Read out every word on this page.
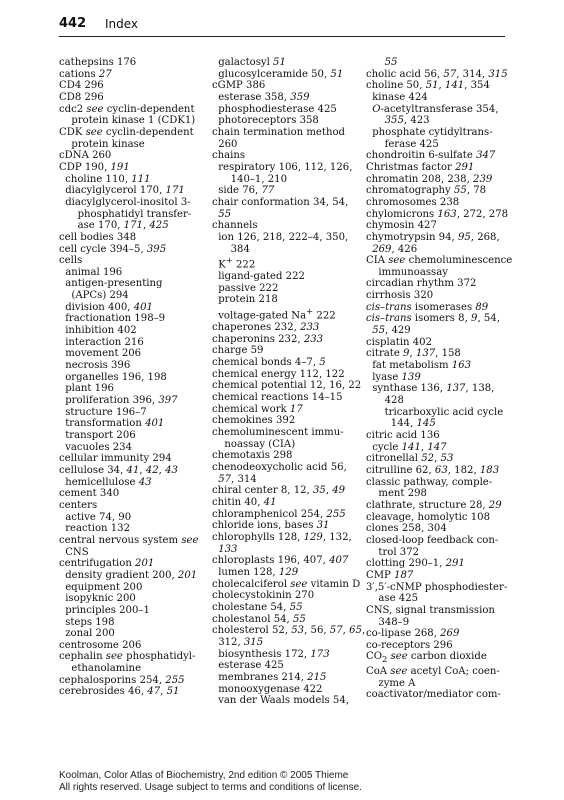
442 Index
cathepsins 176
cations 27
CD4 296
CD8 296
cdc2 see cyclin-dependent
protein kinase 1 (CDK1)
CDK see cyclin-dependent
protein kinase
cDNA 260
CDP 190, 191
choline 110, 111
diacylglycerol 170, 171
diacylglycerol-inositol 3-
phosphatidyl transfer-
ase 170, 171, 425
cell bodies 348
cell cycle 394–5, 395
cells
animal 196
antigen-presenting
(APCs) 294
division 400, 401
fractionation 198–9
inhibition 402
interaction 216
movement 206
necrosis 396
organelles 196, 198
plant 196
proliferation 396, 397
structure 196–7
transformation 401
transport 206
vacuoles 234
cellular immunity 294
cellulose 34, 41, 42, 43
hemicellulose 43
cement 340
centers
active 74, 90
reaction 132
central nervous system see
CNS
centrifugation 201
density gradient 200, 201
equipment 200
isopyknic 200
principles 200–1
steps 198
zonal 200
centrosome 206
cephalin see phosphatidyl-
ethanolamine
cephalosporins 254, 255
cerebrosides 46, 47, 51
galactosyl 51
glucosylceramide 50, 51
cGMP 386
esterase 358, 359
phosphodiesterase 425
photoreceptors 358
chain termination method
260
chains
respiratory 106, 112, 126,
140–1, 210
side 76, 77
chair conformation 34, 54,
55
channels
ion 126, 218, 222–4, 350,
384
K+ 222
ligand-gated 222
passive 222
protein 218
voltage-gated Na+ 222
chaperones 232, 233
chaperonins 232, 233
charge 59
chemical bonds 4–7, 5
chemical energy 112, 122
chemical potential 12, 16, 22
chemical reactions 14–15
chemical work 17
chemokines 392
chemoluminescent immu-
noassay (CIA)
chemotaxis 298
chenodeoxycholic acid 56,
57, 314
chiral center 8, 12, 35, 49
chitin 40, 41
chloramphenicol 254, 255
chloride ions, bases 31
chlorophylls 128, 129, 132,
133
chloroplasts 196, 407, 407
lumen 128, 129
cholecalciferol see vitamin D
cholecystokinin 270
cholestane 54, 55
cholestanol 54, 55
cholesterol 52, 53, 56, 57, 65,
312, 315
biosynthesis 172, 173
esterase 425
membranes 214, 215
monooxygenase 422
van der Waals models 54,
55
cholic acid 56, 57, 314, 315
choline 50, 51, 141, 354
kinase 424
O-acetyltransferase 354,
355, 423
phosphate cytidyltrans-
ferase 425
chondroitin 6-sulfate 347
Christmas factor 291
chromatin 208, 238, 239
chromatography 55, 78
chromosomes 238
chylomicrons 163, 272, 278
chymosin 427
chymotrypsin 94, 95, 268,
269, 426
CIA see chemoluminescence
immunoassay
circadian rhythm 372
cirrhosis 320
cis–trans isomerases 89
cis–trans isomers 8, 9, 54,
55, 429
cisplatin 402
citrate 9, 137, 158
fat metabolism 163
lyase 139
synthase 136, 137, 138,
428
tricarboxylic acid cycle
144, 145
citric acid 136
cycle 141, 147
citronellal 52, 53
citrulline 62, 63, 182, 183
classic pathway, comple-
ment 298
clathrate, structure 28, 29
cleavage, homolytic 108
clones 258, 304
closed-loop feedback con-
trol 372
clotting 290–1, 291
CMP 187
3′,5′-cNMP phosphodiester-
ase 425
CNS, signal transmission
348–9
co-lipase 268, 269
co-receptors 296
$CO_2$ see carbon dioxide
CoA see acetyl CoA; coen-
zyme A
coactivator/mediator com-
Koolman, Color Atlas of Biochemistry, 2nd edition © 2005 Thieme
All rights reserved. Usage subject to terms and conditions of license.
